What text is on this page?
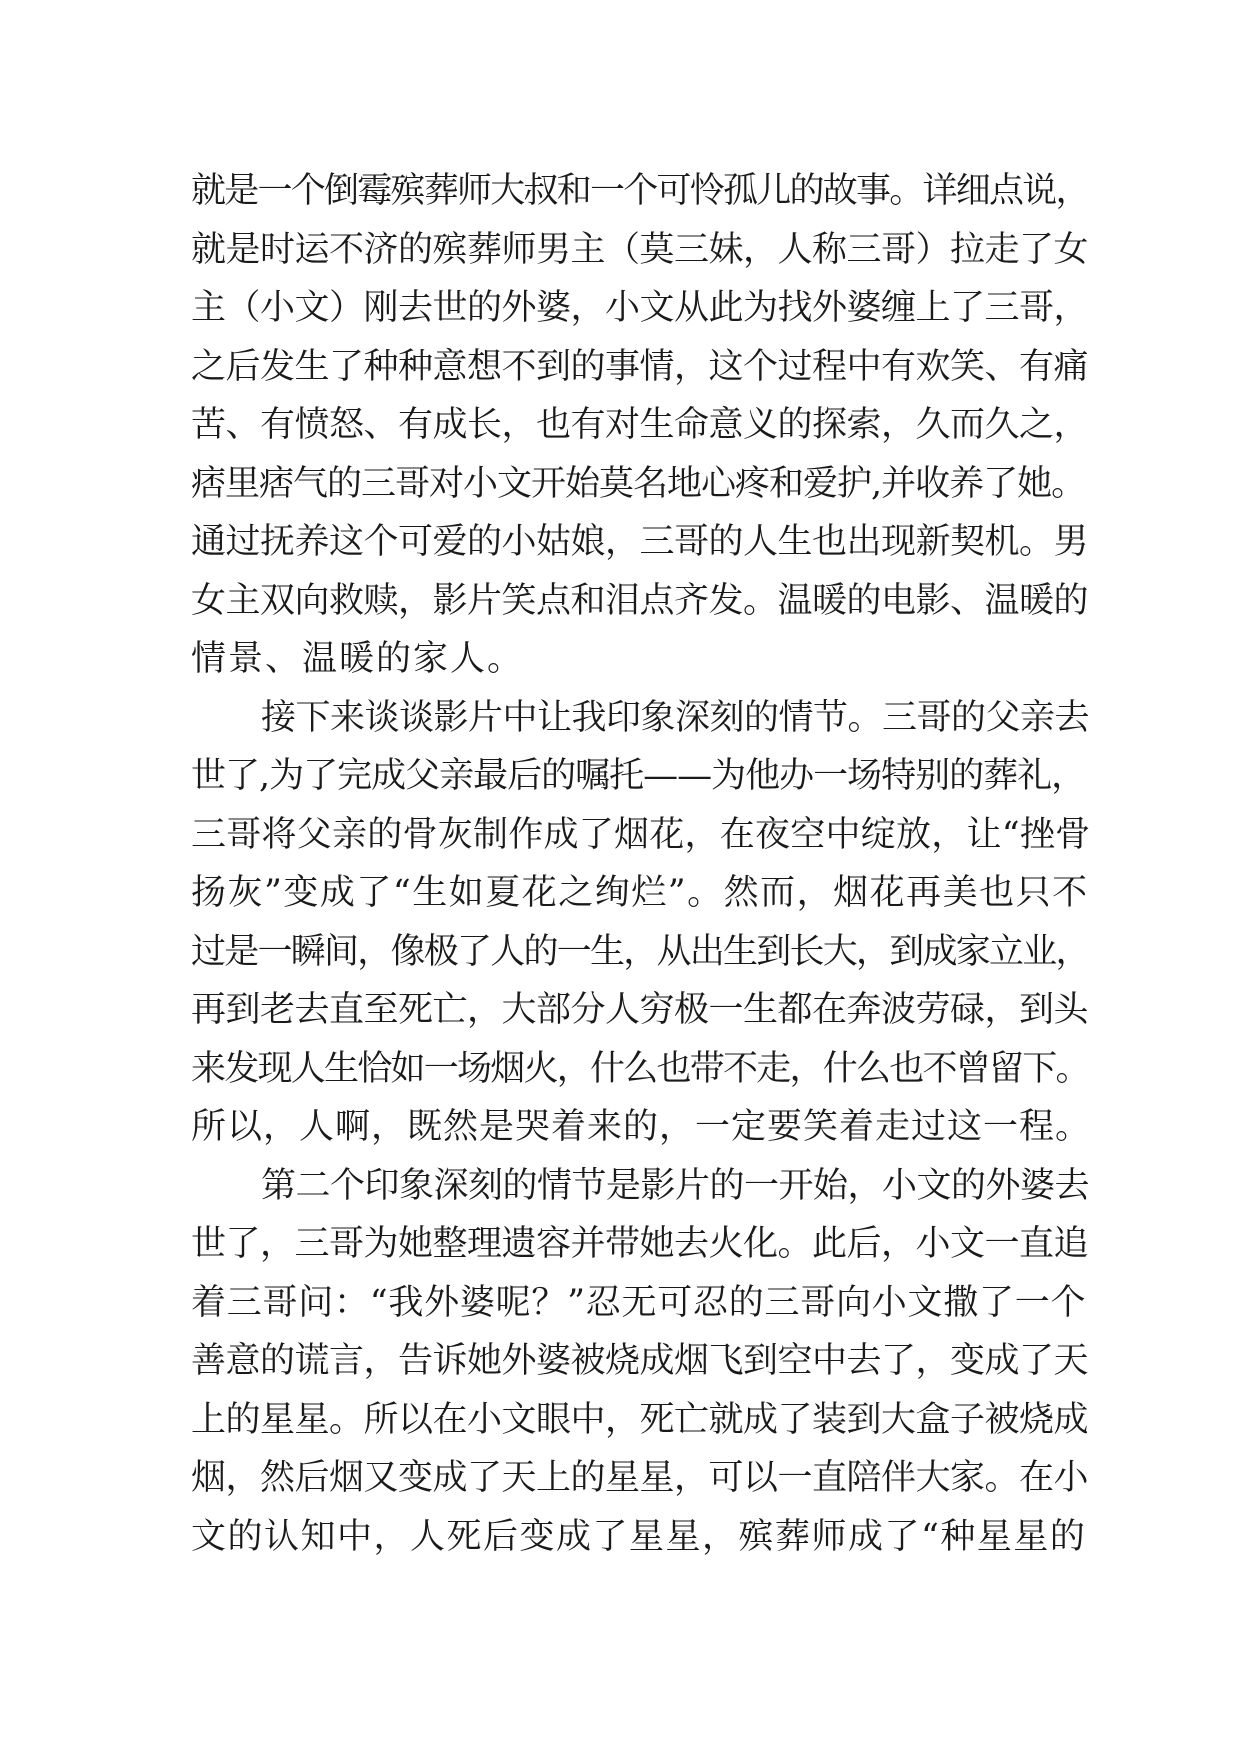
就是一个倒霉殡葬师大叔和一个可怜孤儿的故事。详细点说，
就是时运不济的殡葬师男主（莫三妹，人称三哥）拉走了女
主（小文）刚去世的外婆，小文从此为找外婆缠上了三哥，
之后发生了种种意想不到的事情，这个过程中有欢笑、有痛
苦、有愤怒、有成长，也有对生命意义的探索，久而久之，
痞里痞气的三哥对小文开始莫名地心疼和爱护,并收养了她。
通过抚养这个可爱的小姑娘，三哥的人生也出现新契机。男
女主双向救赎，影片笑点和泪点齐发。温暖的电影、温暖的
情景、温暖的家人。
接下来谈谈影片中让我印象深刻的情节。三哥的父亲去
世了,为了完成父亲最后的嘱托——为他办一场特别的葬礼，
三哥将父亲的骨灰制作成了烟花，在夜空中绽放，让“挫骨
扬灰”变成了“生如夏花之绚烂”。然而，烟花再美也只不
过是一瞬间，像极了人的一生，从出生到长大，到成家立业，
再到老去直至死亡，大部分人穷极一生都在奔波劳碌，到头
来发现人生恰如一场烟火，什么也带不走，什么也不曾留下。
所以，人啊，既然是哭着来的，一定要笑着走过这一程。
第二个印象深刻的情节是影片的一开始，小文的外婆去
世了，三哥为她整理遗容并带她去火化。此后，小文一直追
着三哥问：“我外婆呢？”忍无可忍的三哥向小文撒了一个
善意的谎言，告诉她外婆被烧成烟飞到空中去了，变成了天
上的星星。所以在小文眼中，死亡就成了装到大盒子被烧成
烟，然后烟又变成了天上的星星，可以一直陪伴大家。在小
文的认知中，人死后变成了星星，殡葬师成了“种星星的
